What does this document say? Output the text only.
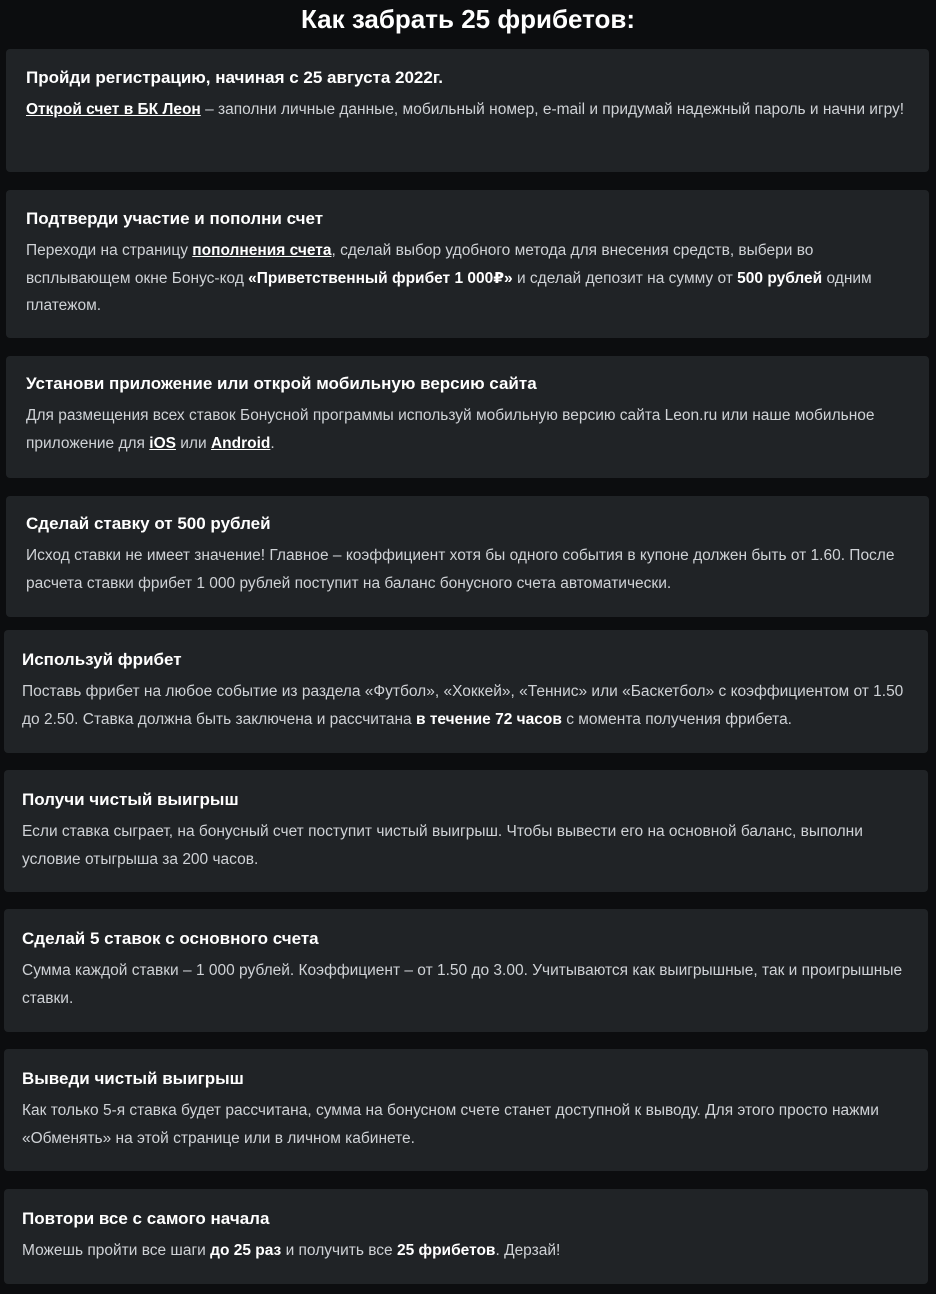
Как забрать 25 фрибетов:
Пройди регистрацию, начиная с 25 августа 2022г.

Открой счет в БК Леон – заполни личные данные, мобильный номер, e-mail и придумай надежный пароль и начни игру!

Подтверди участие и пополни счет

Переходи на страницу пополнения счета, сделай выбор удобного метода для внесения средств, выбери во всплывающем окне Бонус-код «Приветственный фрибет 1 000₽» и сделай депозит на сумму от 500 рублей одним платежом.

Установи приложение или открой мобильную версию сайта

Для размещения всех ставок Бонусной программы используй мобильную версию сайта Leon.ru или наше мобильное приложение для iOS или Android.

Сделай ставку от 500 рублей

Исход ставки не имеет значение! Главное – коэффициент хотя бы одного события в купоне должен быть от 1.60. После расчета ставки фрибет 1 000 рублей поступит на баланс бонусного счета автоматически.

Используй фрибет

Поставь фрибет на любое событие из раздела «Футбол», «Хоккей», «Теннис» или «Баскетбол» с коэффициентом от 1.50 до 2.50. Ставка должна быть заключена и рассчитана в течение 72 часов с момента получения фрибета.

Получи чистый выигрыш

Если ставка сыграет, на бонусный счет поступит чистый выигрыш. Чтобы вывести его на основной баланс, выполни условие отыгрыша за 200 часов.

Сделай 5 ставок с основного счета

Сумма каждой ставки – 1 000 рублей. Коэффициент – от 1.50 до 3.00. Учитываются как выигрышные, так и проигрышные ставки.

Выведи чистый выигрыш

Как только 5-я ставка будет рассчитана, сумма на бонусном счете станет доступной к выводу. Для этого просто нажми «Обменять» на этой странице или в личном кабинете.

Повтори все с самого начала

Можешь пройти все шаги до 25 раз и получить все 25 фрибетов. Дерзай!
